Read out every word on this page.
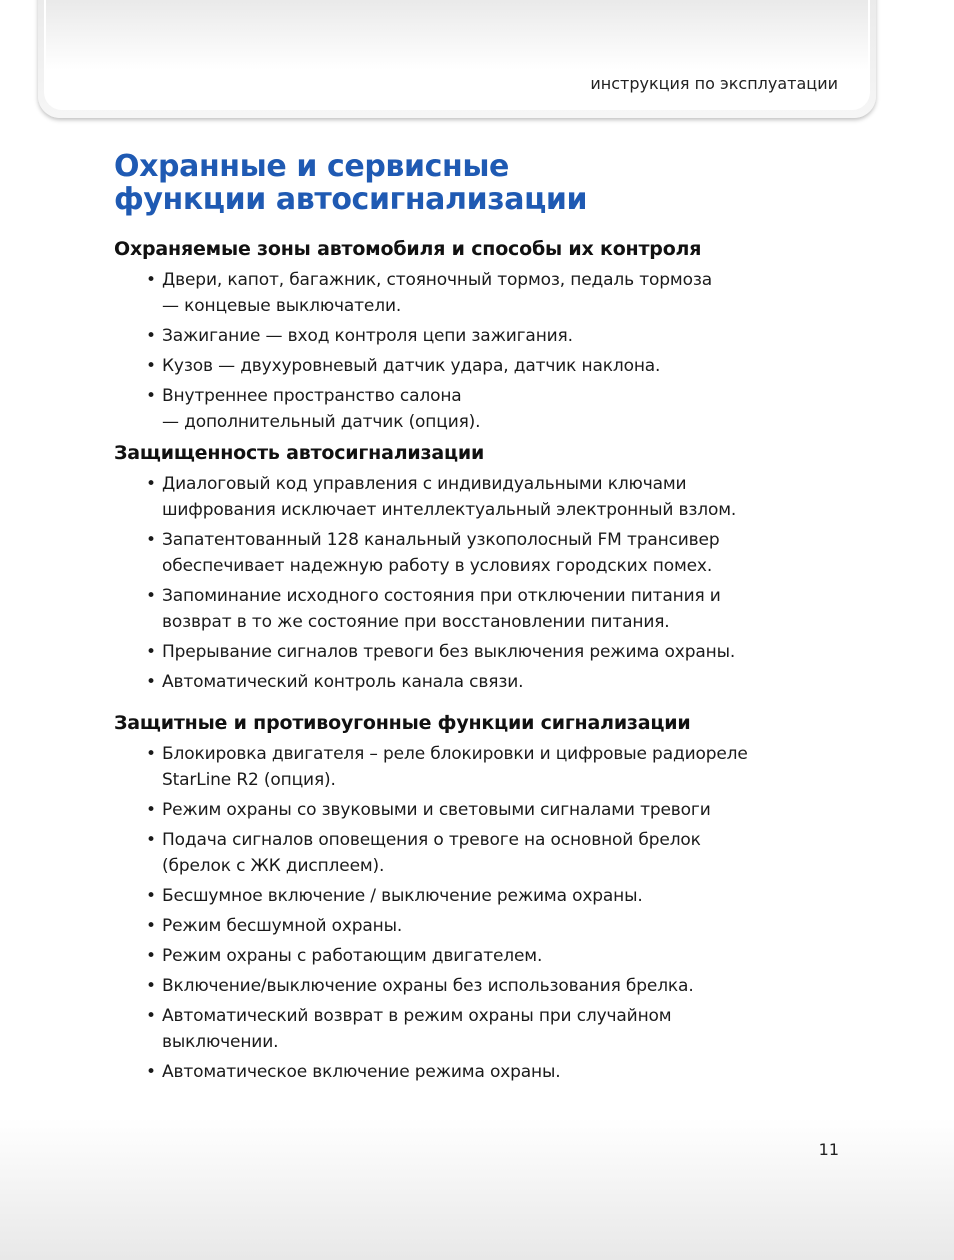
инструкция по эксплуатации
Охранные и сервисные
функции автосигнализации
Охраняемые зоны автомобиля и способы их контроля
• Двери, капот, багажник, стояночный тормоз, педаль тормоза
— концевые выключатели.
• Зажигание — вход контроля цепи зажигания.
• Кузов — двухуровневый датчик удара, датчик наклона.
• Внутреннее пространство салона
— дополнительный датчик (опция).
Защищенность автосигнализации
• Диалоговый код управления с индивидуальными ключами
шифрования исключает интеллектуальный электронный взлом.
• Запатентованный 128 канальный узкополосный FM трансивер
обеспечивает надежную работу в условиях городских помех.
• Запоминание исходного состояния при отключении питания и
возврат в то же состояние при восстановлении питания.
• Прерывание сигналов тревоги без выключения режима охраны.
• Автоматический контроль канала связи.
Защитные и противоугонные функции сигнализации
• Блокировка двигателя – реле блокировки и цифровые радиореле
StarLine R2 (опция).
• Режим охраны со звуковыми и световыми сигналами тревоги
• Подача сигналов оповещения о тревоге на основной брелок
(брелок с ЖК дисплеем).
• Бесшумное включение / выключение режима охраны.
• Режим бесшумной охраны.
• Режим охраны с работающим двигателем.
• Включение/выключение охраны без использования брелка.
• Автоматический возврат в режим охраны при случайном
выключении.
• Автоматическое включение режима охраны.
11
